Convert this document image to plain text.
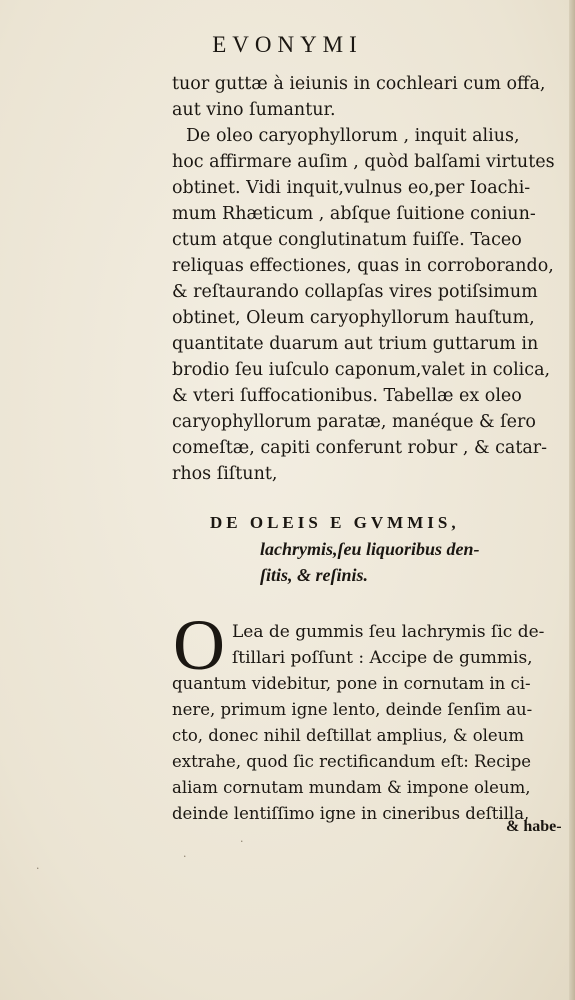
EVONYMI
tuor guttæ à ieiunis in cochleari cum offa,
aut vino ſumantur.
De oleo caryophyllorum , inquit alius,
hoc affirmare auſim , quòd balſami virtutes
obtinet. Vidi inquit,vulnus eo,per Ioachi-
mum Rhæticum , abſque ſuitione coniun-
ctum atque conglutinatum fuiſſe. Taceo
reliquas effectiones, quas in corroborando,
& reſtaurando collapſas vires potiſsimum
obtinet, Oleum caryophyllorum hauſtum,
quantitate duarum aut trium guttarum in
brodio ſeu iuſculo caponum,valet in colica,
& vteri ſuffocationibus. Tabellæ ex oleo
caryophyllorum paratæ, manéque & ſero
comeſtæ, capiti conferunt robur , & catar-
rhos ſiſtunt,
DE OLEIS E GVMMIS,
lachrymis,ſeu liquoribus den-
ſitis, & reſinis.
O Lea de gummis ſeu lachrymis ſic de-
ſtillari poſſunt : Accipe de gummis,
quantum videbitur, pone in cornutam in ci-
nere, primum igne lento, deinde ſenſim au-
cto, donec nihil deſtillat amplius, & oleum
extrahe, quod ſic rectificandum eſt: Recipe
aliam cornutam mundam & impone oleum,
deinde lentiſſimo igne in cineribus deſtilla,
& habe-
·
·
·
